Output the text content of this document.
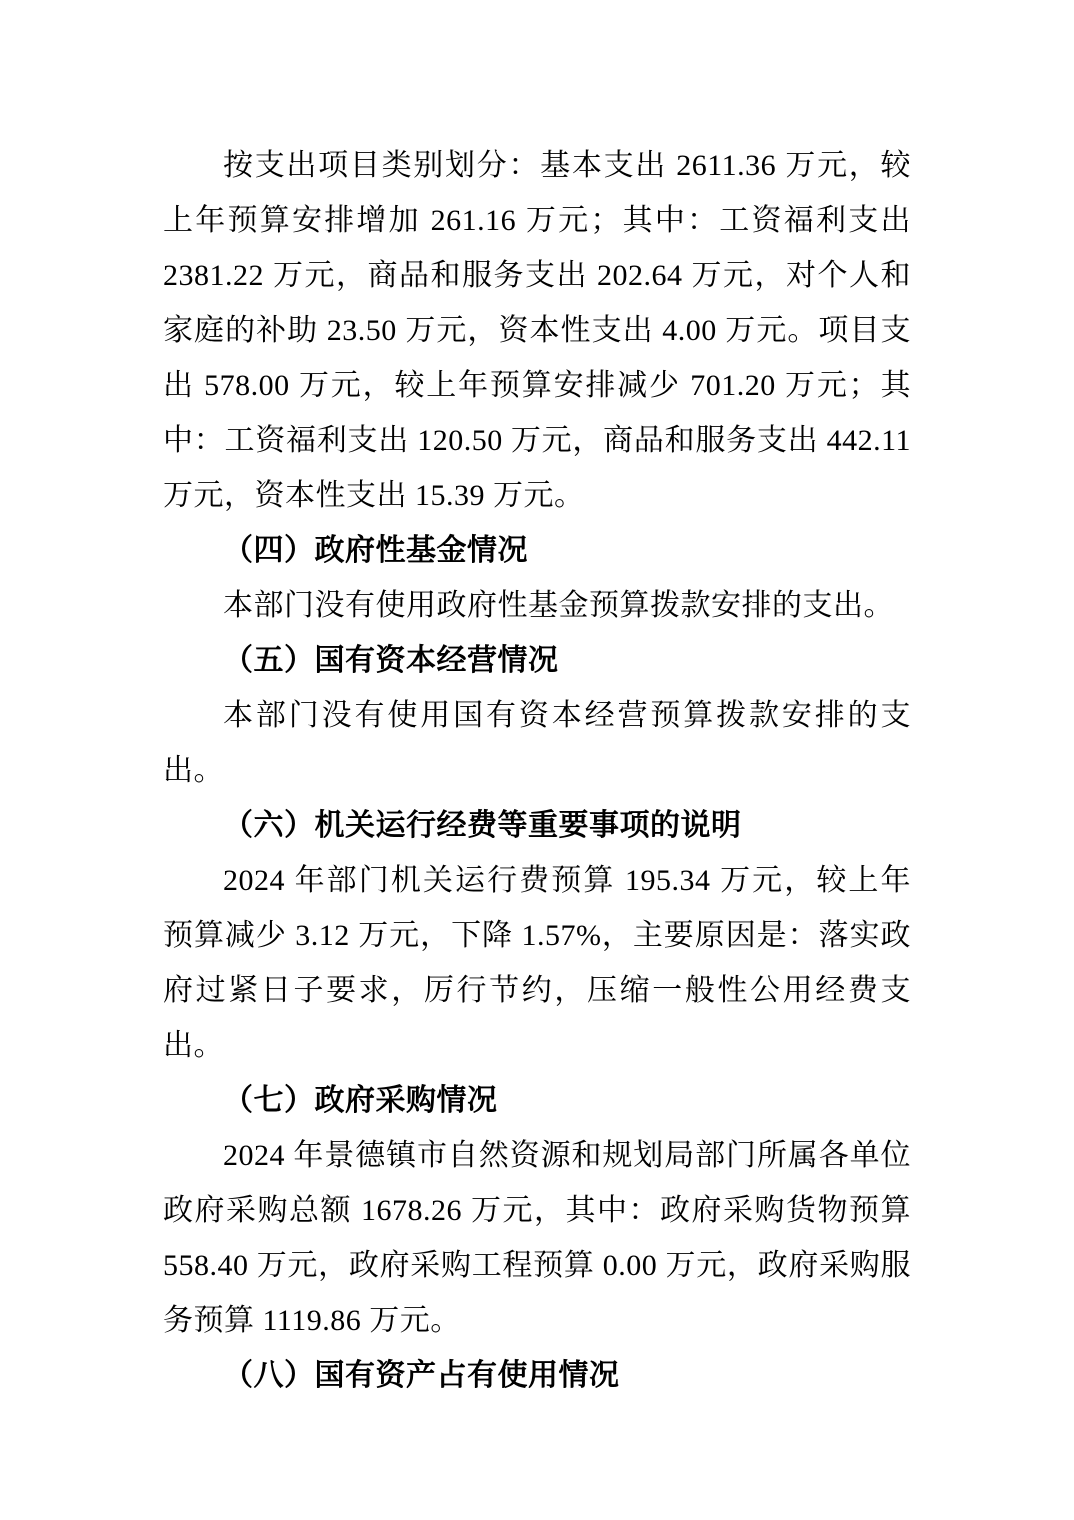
按支出项目类别划分：基本支出 2611.36 万元，较上年预算安排增加 261.16 万元；其中：工资福利支出 2381.22 万元，商品和服务支出 202.64 万元，对个人和家庭的补助 23.50 万元，资本性支出 4.00 万元。项目支出 578.00 万元，较上年预算安排减少 701.20 万元；其中：工资福利支出 120.50 万元，商品和服务支出 442.11 万元，资本性支出 15.39 万元。

（四）政府性基金情况

本部门没有使用政府性基金预算拨款安排的支出。

（五）国有资本经营情况

本部门没有使用国有资本经营预算拨款安排的支出。

（六）机关运行经费等重要事项的说明

2024 年部门机关运行费预算 195.34 万元，较上年预算减少 3.12 万元，下降 1.57%，主要原因是：落实政府过紧日子要求，厉行节约，压缩一般性公用经费支出。

（七）政府采购情况

2024 年景德镇市自然资源和规划局部门所属各单位政府采购总额 1678.26 万元，其中：政府采购货物预算 558.40 万元，政府采购工程预算 0.00 万元，政府采购服务预算 1119.86 万元。

（八）国有资产占有使用情况
